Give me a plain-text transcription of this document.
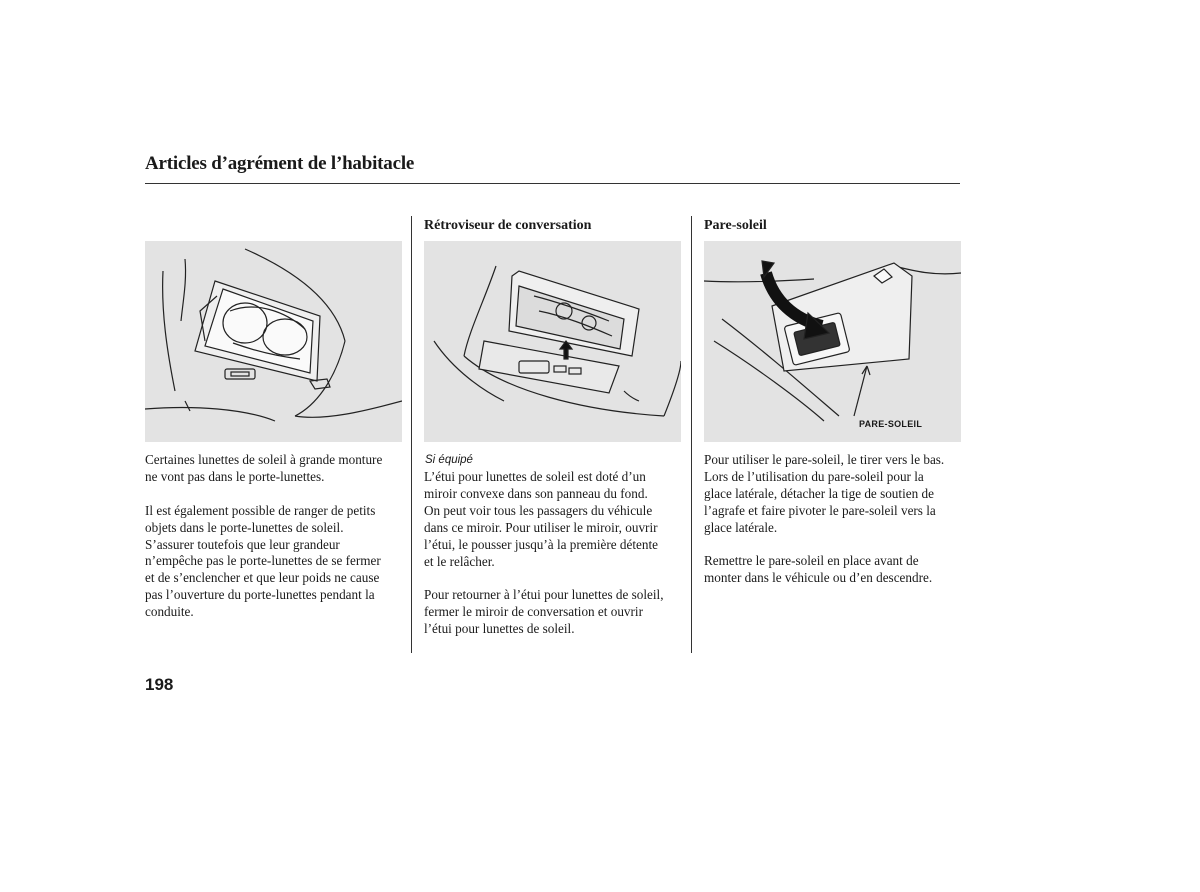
Articles d’agrément de l’habitacle
Rétroviseur de conversation	Pare-soleil
PARE-SOLEIL

Certaines lunettes de soleil à grande monture
ne vont pas dans le porte-lunettes.

Il est également possible de ranger de petits
objets dans le porte-lunettes de soleil.
S’assurer toutefois que leur grandeur
n’empêche pas le porte-lunettes de se fermer
et de s’enclencher et que leur poids ne cause
pas l’ouverture du porte-lunettes pendant la
conduite.

Si équipé

L’étui pour lunettes de soleil est doté d’un
miroir convexe dans son panneau du fond.
On peut voir tous les passagers du véhicule
dans ce miroir. Pour utiliser le miroir, ouvrir
l’étui, le pousser jusqu’à la première détente
et le relâcher.

Pour retourner à l’étui pour lunettes de soleil,
fermer le miroir de conversation et ouvrir
l’étui pour lunettes de soleil.

Pour utiliser le pare-soleil, le tirer vers le bas.
Lors de l’utilisation du pare-soleil pour la
glace latérale, détacher la tige de soutien de
l’agrafe et faire pivoter le pare-soleil vers la
glace latérale.

Remettre le pare-soleil en place avant de
monter dans le véhicule ou d’en descendre.

198
